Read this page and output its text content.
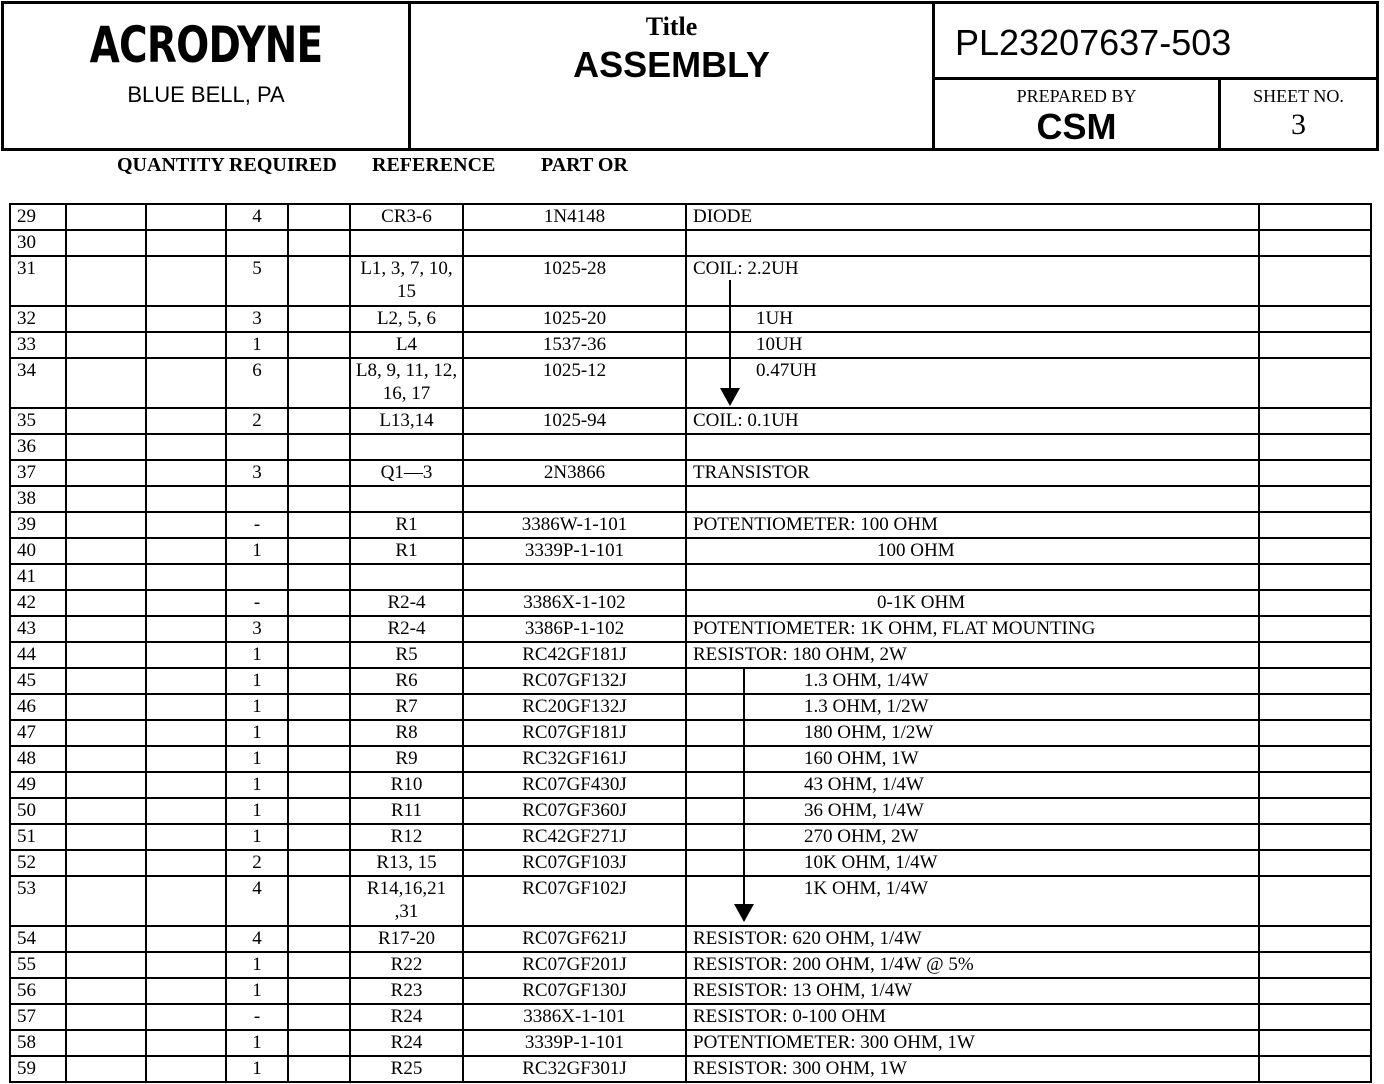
ACRODYNE
BLUE BELL, PA
Title
ASSEMBLY
PL23207637-503
PREPARED BY
CSM
SHEET NO.
3
QUANTITY REQUIRED REFERENCE PART OR
29			4		CR3-6	1N4148	DIODE	
30								
31			5		L1, 3, 7, 10, 15	1025-28	COIL: 2.2UH	
32			3		L2, 5, 6	1025-20	1UH	
33			1		L4	1537-36	10UH	
34			6		L8, 9, 11, 12, 16, 17	1025-12	0.47UH	
35			2		L13,14	1025-94	COIL: 0.1UH	
36								
37			3		Q1—3	2N3866	TRANSISTOR	
38								
39			-		R1	3386W-1-101	POTENTIOMETER: 100 OHM	
40			1		R1	3339P-1-101	100 OHM	
41								
42			-		R2-4	3386X-1-102	0-1K OHM	
43			3		R2-4	3386P-1-102	POTENTIOMETER: 1K OHM, FLAT MOUNTING	
44			1		R5	RC42GF181J	RESISTOR: 180 OHM, 2W	
45			1		R6	RC07GF132J	1.3 OHM, 1/4W	
46			1		R7	RC20GF132J	1.3 OHM, 1/2W	
47			1		R8	RC07GF181J	180 OHM, 1/2W	
48			1		R9	RC32GF161J	160 OHM, 1W	
49			1		R10	RC07GF430J	43 OHM, 1/4W	
50			1		R11	RC07GF360J	36 OHM, 1/4W	
51			1		R12	RC42GF271J	270 OHM, 2W	
52			2		R13, 15	RC07GF103J	10K OHM, 1/4W	
53			4		R14,16,21 ,31	RC07GF102J	1K OHM, 1/4W	
54			4		R17-20	RC07GF621J	RESISTOR: 620 OHM, 1/4W	
55			1		R22	RC07GF201J	RESISTOR: 200 OHM, 1/4W @ 5%	
56			1		R23	RC07GF130J	RESISTOR: 13 OHM, 1/4W	
57			-		R24	3386X-1-101	RESISTOR: 0-100 OHM	
58			1		R24	3339P-1-101	POTENTIOMETER: 300 OHM, 1W	
59			1		R25	RC32GF301J	RESISTOR: 300 OHM, 1W	
